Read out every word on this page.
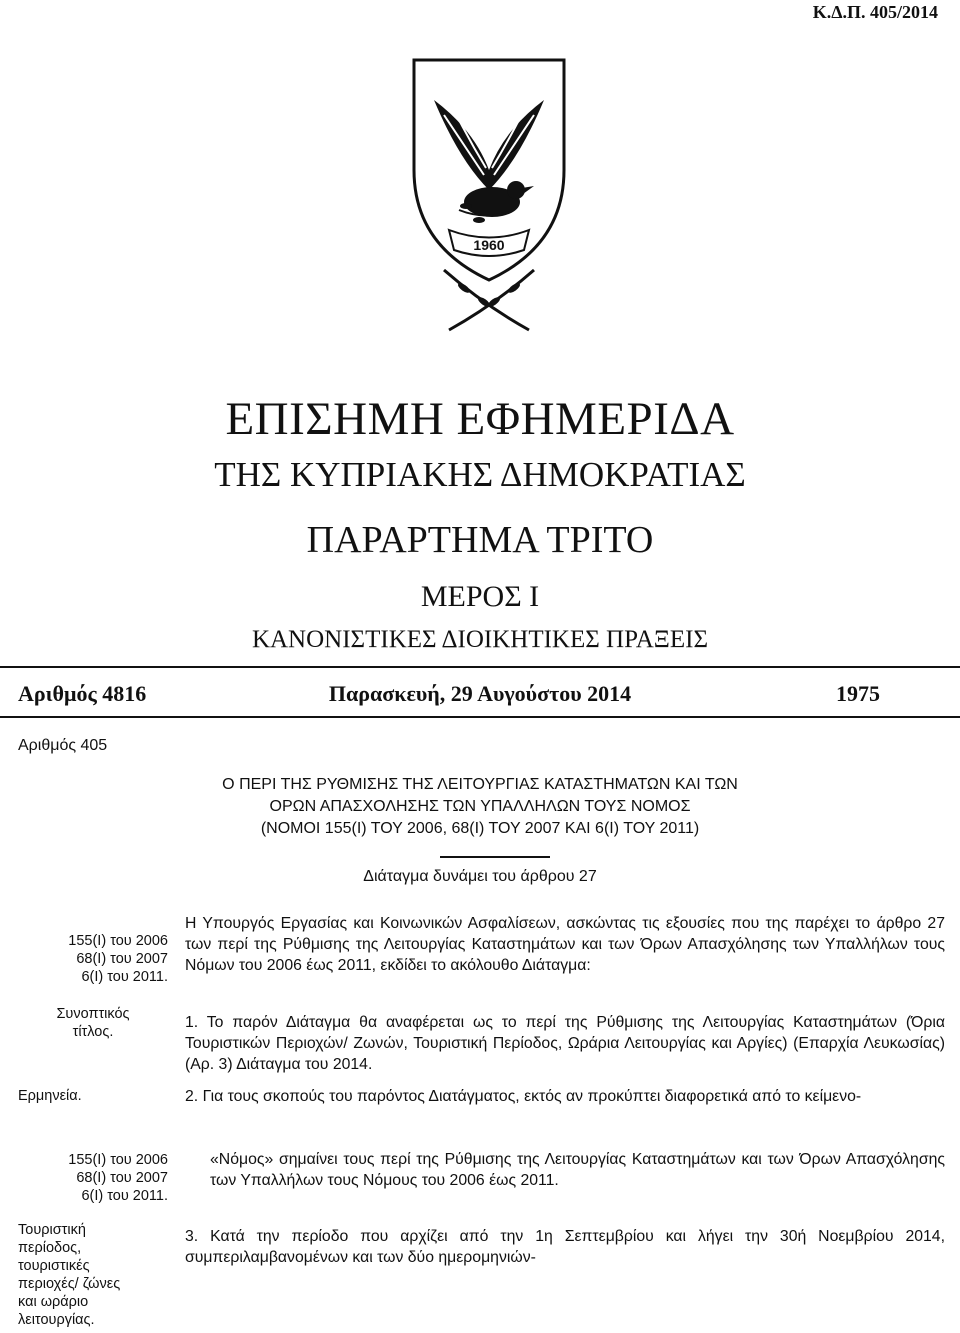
Κ.Δ.Π. 405/2014
1960
ΕΠΙΣΗΜΗ ΕΦΗΜΕΡΙΔΑ
ΤΗΣ ΚΥΠΡΙΑΚΗΣ ΔΗΜΟΚΡΑΤΙΑΣ
ΠΑΡΑΡΤΗΜΑ ΤΡΙΤΟ
ΜΕΡΟΣ Ι
ΚΑΝΟΝΙΣΤΙΚΕΣ ΔΙΟΙΚΗΤΙΚΕΣ ΠΡΑΞΕΙΣ
Αριθμός 4816	Παρασκευή, 29 Αυγούστου 2014	1975
Αριθμός 405
Ο ΠΕΡΙ ΤΗΣ ΡΥΘΜΙΣΗΣ ΤΗΣ ΛΕΙΤΟΥΡΓΙΑΣ ΚΑΤΑΣΤΗΜΑΤΩΝ ΚΑΙ ΤΩΝ
ΟΡΩΝ ΑΠΑΣΧΟΛΗΣΗΣ ΤΩΝ ΥΠΑΛΛΗΛΩΝ ΤΟΥΣ ΝΟΜΟΣ
(ΝΟΜΟΙ 155(Ι) ΤΟΥ 2006, 68(Ι) ΤΟΥ 2007 ΚΑΙ 6(Ι) ΤΟΥ 2011)
Διάταγμα δυνάμει του άρθρου 27
155(Ι) του 2006
68(Ι) του 2007
6(Ι) του 2011.
Συνοπτικός
τίτλος.
Ερμηνεία.
155(Ι) του 2006
68(Ι) του 2007
6(Ι) του 2011.
Τουριστική
περίοδος,
τουριστικές
περιοχές/ ζώνες
και ωράριο
λειτουργίας.
Η Υπουργός Εργασίας και Κοινωνικών Ασφαλίσεων, ασκώντας τις εξουσίες που της παρέχει το άρθρο 27 των περί της Ρύθμισης της Λειτουργίας Καταστημάτων και των Όρων Απασχόλησης των Υπαλλήλων τους Νόμων του 2006 έως 2011, εκδίδει το ακόλουθο Διάταγμα:
1. Το παρόν Διάταγμα θα αναφέρεται ως το περί της Ρύθμισης της Λειτουργίας Καταστημάτων (Όρια Τουριστικών Περιοχών/ Ζωνών, Τουριστική Περίοδος, Ωράρια Λειτουργίας και Αργίες) (Επαρχία Λευκωσίας) (Αρ. 3) Διάταγμα του 2014.
2. Για τους σκοπούς του παρόντος Διατάγματος, εκτός αν προκύπτει διαφορετικά από το κείμενο-
«Νόμος» σημαίνει τους περί της Ρύθμισης της Λειτουργίας Καταστημάτων και των Όρων Απασχόλησης των Υπαλλήλων τους Νόμους του 2006 έως 2011.
3. Κατά την περίοδο που αρχίζει από την 1η Σεπτεμβρίου και λήγει την 30ή Νοεμβρίου 2014, συμπεριλαμβανομένων και των δύο ημερομηνιών-
